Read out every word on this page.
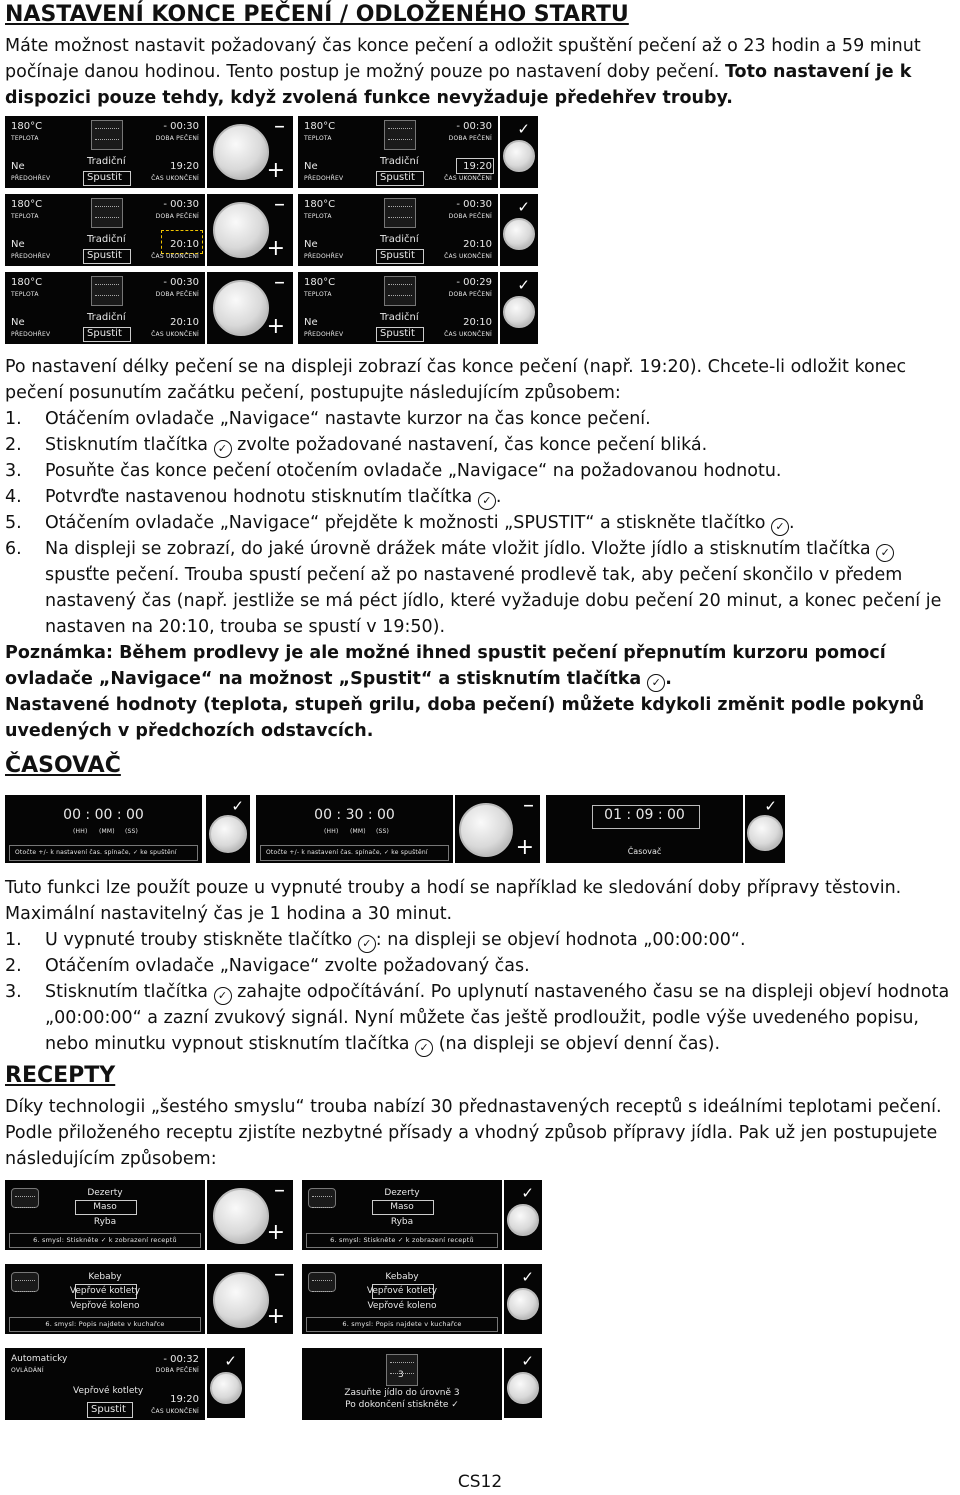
NASTAVENÍ KONCE PEČENÍ / ODLOŽENÉHO STARTU

Máte možnost nastavit požadovaný čas konce pečení a odložit spuštění pečení až o 23 hodin a 59 minut počínaje danou hodinou. Tento postup je možný pouze po nastavení doby pečení. Toto nastavení je k dispozici pouze tehdy, když zvolená funkce nevyžaduje předehřev trouby.

180°C
TEPLOTA
- 00:30
DOBA PEČENÍ
Ne
PŘEDOHŘEV
Tradiční
Spustit
19:20
ČAS UKONČENÍ
–
+
180°C
TEPLOTA
- 00:30
DOBA PEČENÍ
Ne
PŘEDOHŘEV
Tradiční
Spustit
19:20
ČAS UKONČENÍ
✓
180°C
TEPLOTA
- 00:30
DOBA PEČENÍ
Ne
PŘEDOHŘEV
Tradiční
Spustit
20:10
ČAS UKONČENÍ
–
+
180°C
TEPLOTA
- 00:30
DOBA PEČENÍ
Ne
PŘEDOHŘEV
Tradiční
Spustit
20:10
ČAS UKONČENÍ
✓
180°C
TEPLOTA
- 00:30
DOBA PEČENÍ
Ne
PŘEDOHŘEV
Tradiční
Spustit
20:10
ČAS UKONČENÍ
–
+
180°C
TEPLOTA
- 00:29
DOBA PEČENÍ
Ne
PŘEDOHŘEV
Tradiční
Spustit
20:10
ČAS UKONČENÍ
✓

Po nastavení délky pečení se na displeji zobrazí čas konce pečení (např. 19:20). Chcete-li odložit konec pečení posunutím začátku pečení, postupujte následujícím způsobem:

1. Otáčením ovladače „Navigace“ nastavte kurzor na čas konce pečení.
2. Stisknutím tlačítka ✓ zvolte požadované nastavení, čas konce pečení bliká.
3. Posuňte čas konce pečení otočením ovladače „Navigace“ na požadovanou hodnotu.
4. Potvrďte nastavenou hodnotu stisknutím tlačítka ✓ .
5. Otáčením ovladače „Navigace“ přejděte k možnosti „SPUSTIT“ a stiskněte tlačítko ✓ .
6. Na displeji se zobrazí, do jaké úrovně drážek máte vložit jídlo. Vložte jídlo a stisknutím tlačítka ✓ spusťte pečení. Trouba spustí pečení až po nastavené prodlevě tak, aby pečení skončilo v předem nastavený čas (např. jestliže se má péct jídlo, které vyžaduje dobu pečení 20 minut, a konec pečení je nastaven na 20:10, trouba se spustí v 19:50).

Poznámka: Během prodlevy je ale možné ihned spustit pečení přepnutím kurzoru pomocí ovladače „Navigace“ na možnost „Spustit“ a stisknutím tlačítka ✓ .

Nastavené hodnoty (teplota, stupeň grilu, doba pečení) můžete kdykoli změnit podle pokynů uvedených v předchozích odstavcích.

ČASOVAČ
00 : 00 : 00
(HH) (MM) (SS)
Otočte +/- k nastavení čas. spínače, ✓ ke spuštění
✓	00 : 30 : 00
(HH) (MM) (SS)
Otočte +/- k nastavení čas. spínače, ✓ ke spuštění
–
+
01 : 09 : 00
Časovač
✓

Tuto funkci lze použít pouze u vypnuté trouby a hodí se například ke sledování doby přípravy těstovin. Maximální nastavitelný čas je 1 hodina a 30 minut.

1. U vypnuté trouby stiskněte tlačítko ✓ : na displeji se objeví hodnota „00:00:00“.
2. Otáčením ovladače „Navigace“ zvolte požadovaný čas.
3. Stisknutím tlačítka ✓ zahajte odpočítávání. Po uplynutí nastaveného času se na displeji objeví hodnota „00:00:00“ a zazní zvukový signál. Nyní můžete čas ještě prodloužit, podle výše uvedeného popisu, nebo minutku vypnout stisknutím tlačítka ✓ (na displeji se objeví denní čas).
RECEPTY

Díky technologii „šestého smyslu“ trouba nabízí 30 přednastavených receptů s ideálními teplotami pečení. Podle přiloženého receptu zjistíte nezbytné přísady a vhodný způsob přípravy jídla. Pak už jen postupujete následujícím způsobem:

Dezerty
Maso
Ryba
6. smysl: Stiskněte ✓ k zobrazení receptů
–
+
Dezerty
Maso
Ryba
6. smysl: Stiskněte ✓ k zobrazení receptů
✓
Kebaby
Vepřové kotlety
Vepřové koleno
6. smysl: Popis najdete v kuchařce
–
+
Kebaby
Vepřové kotlety
Vepřové koleno
6. smysl: Popis najdete v kuchařce
✓
Automaticky
OVLÁDÁNÍ
- 00:32
DOBA PEČENÍ
Vepřové kotlety
Spustit
19:20
ČAS UKONČENÍ
✓
3
Zasuňte jídlo do úrovně 3
Po dokončení stiskněte ✓
✓
CS12
